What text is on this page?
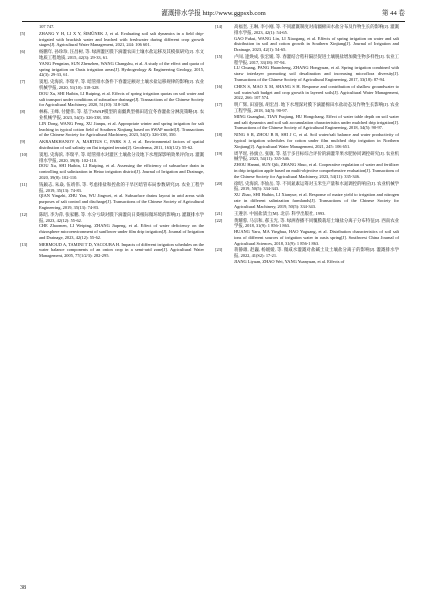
灌溉排水学报 http://www.ggpsxb.com	第 44 卷
107 747.
[5]	ZHANG Y H, LI X Y, ŠIMŮNEK J, et al. Evaluating soil salt dynamics in a field drip-irrigated with brackish water and leached with freshwater during different crop growth stages[J]. Agricultural Water Management, 2021, 244: 106 601.
[6]	杨鹏年, 孙珍珍, 汪昌树, 等. 绿洲灌区膜下滴灌农田土壤水盐运移及其模拟研究[J]. 水文地质工程地质, 2015, 42(3): 29-33, 61.
YANG Pengnian, SUN Zhenzhen, WANG Changshu, et al. A study of the effect and quota of spring irrigation on Oasis irrigation areas[J]. Hydrogeology & Engineering Geology, 2015, 42(3): 29-33, 61.
[7]	窦旭, 史海滨, 李瑞平, 等. 暗管排水条件下春灌定额对土壤水盐运移规律的影响[J]. 农业机械学报, 2020, 51(10): 318-328.
DOU Xu, SHI Haibin, LI Ruiping, et al. Effects of spring irrigation quotas on soil water and salt transport under conditions of subsurface drainage[J]. Transactions of the Chinese Society for Agricultural Machinery, 2020, 51(10): 318-328.
[8]	林栋, 王峰, 付健伟, 等. 基于SWAP模型的南疆典型棉田适宜冬春灌盐分淋洗策略[J]. 农业机械学报, 2023, 54(3): 326-338, 350.
LIN Dong, WANG Feng, XU Jianpu, et al. Appropriate winter and spring irrigation for salt leaching in typical cotton field of Southern Xinjiang based on SWAP model[J]. Transactions of the Chinese Society for Agricultural Machinery, 2023, 54(3): 326-338, 350.
[9]	AKRAMKHANOV A, MARTIUS C, PARK S J, et al. Environmental factors of spatial distribution of soil salinity on flat irrigated terrain[J]. Geoderma, 2011, 163(1/2): 55-62.
[10]	窦旭, 史海滨, 李瑞平, 等. 暗管排水对灌区土壤盐分及地下水埋深影响效果评价[J]. 灌溉排水学报, 2020, 39(8): 102-110.
DOU Xu, SHI Haibin, LI Ruiping, et al. Assessing the efficiency of subsurface drain in controlling soil salinization in Hetao irrigation district[J]. Journal of Irrigation and Drainage, 2020, 39(8): 102-110.
[11]	钱颖志, 朱焱, 伍靖伟, 等. 考虑排盐和控盐的干旱区暗管布局参数研究[J]. 农业工程学报, 2019, 35(13): 74-83.
QIAN Yingzhi, ZHU Yan, WU Jingwei, et al. Subsurface drains layout in arid areas with purposes of salt control and discharge[J]. Transactions of the Chinese Society of Agricultural Engineering, 2019, 35(13): 74-83.
[12]	陈昭, 李为萍, 张家鹏, 等. 水分亏缺对膜下滴灌向日葵根际微环境的影响[J]. 灌溉排水学报, 2023, 42(12): 55-62.
CHE Zhaomen, LI Weiping, ZHANG Jiapeng, et al. Effect of water deficiency on the rhizosphere microenvironment of sunflower under film drip irrigation[J]. Journal of Irrigation and Drainage, 2023, 42(12): 55-62.
[13]	MERMOUD A, TAMINI T D, YACOUBA H. Impacts of different irrigation schedules on the water balance components of an onion crop in a semi-arid zone[J]. Agricultural Water Management, 2005, 77(1/2/3): 282-295.
[14]	高福奎, 王琳, 李小刚, 等. 不同灌溉制度对南疆棉田水盐分布及作物生长的影响[J]. 灌溉排水学报, 2023, 42(1): 54-65.
GAO Fukui, WANG Lin, LI Xiaogang, et al. Effects of spring irrigation on water and salt distribution in soil and cotton growth in Southern Xinjiang[J]. Journal of Irrigation and Drainage, 2023, 42(1): 54-65.
[15]	卢闯, 逄焕成, 张宏媛, 等. 春灌结合秸秆隔层促进土壤脱盐增加微生物多样性[J]. 农业工程学报, 2017, 33(18): 87-94.
LU Chuang, PANG Huancheng, ZHANG Hongyuan, et al. Spring irrigation combined with straw interlayer promoting soil desalination and increasing microflora diversity[J]. Transactions of the Chinese Society of Agricultural Engineering, 2017, 33(18): 87-94.
[16]	CHEN S, MAO X M, SHANG S H. Response and contribution of shallow groundwater to soil water/salt budget and crop growth in layered soils[J]. Agricultural Water Management, 2022, 266: 107 574.
[17]	明广辉, 田富强, 胡宏昌. 地下水埋深对膜下滴灌棉田水盐动态及作物生长影响[J]. 农业工程学报, 2018, 34(5): 90-97.
MING Guanghui, TIAN Fuqiang, HU Hongchang. Effect of water table depth on soil water and salt dynamics and soil salt accumulation characteristics under mulched drip irrigation[J]. Transactions of the Chinese Society of Agricultural Engineering, 2018, 34(5): 90-97.
[18]	NING S R, ZHOU B B, SHI J C, et al. Soil water/salt balance and water productivity of typical irrigation schedules for cotton under film mulched drip irrigation in Northern Xinjiang[J]. Agricultural Water Management, 2021, 245: 106 651.
[19]	周芊瑶, 孙旗立, 张敏, 等. 基于多目标综合评价的滴灌苹果水肥协同调控研究[J]. 农业机械学报, 2023, 54(11): 335-346.
ZHOU Hanmi, SUN Qili, ZHANG Shuo, et al. Cooperative regulation of water and fertilizer in drip irrigation apple based on multi-objective comprehensive evaluation[J]. Transactions of the Chinese Society for Agricultural Machinery, 2023, 54(11): 335-346.
[20]	徐昭, 史海滨, 李仙岳, 等. 不同氮素运筹对玉米生产量和水氮调控的响应[J]. 农业机械学报, 2019, 50(5): 334-343.
XU Zhao, SHI Haibin, LI Xianyue, et al. Response of maize yield to irrigation and nitrogen rate in different salinization farmlands[J]. Transactions of the Chinese Society for Agricultural Machinery, 2019, 50(5): 334-343.
[21]	王遵亲. 中国盐渍土[M]. 北京: 科学出版社, 1993.
[22]	黄耀蓉, 马宗和, 郝玉光, 等. 绿洲春播不同覆膜栽培土壤盐分离子分布特征[J]. 西南农业学报, 2018, 31(9): 1 856-1 863.
HUANG Yaru, MA Yinghua, HAO Yuguang, et al. Distribution characteristics of soil salt ions of different sources of irrigation water in oasis spring[J]. Southwest China Journal of Agricultural Sciences, 2018, 31(9): 1 856-1 863.
[23]	蒋静雄, 赵巍, 杨媛媛, 等. 微咸水灌溉对盐碱土及土壤盐分离子的影响[J]. 灌溉排水学报, 2022, 41(S2): 17-21.
JIANG Liyuan, ZHAO Wei, YANG Yuanyuan, et al. Effects of
38
